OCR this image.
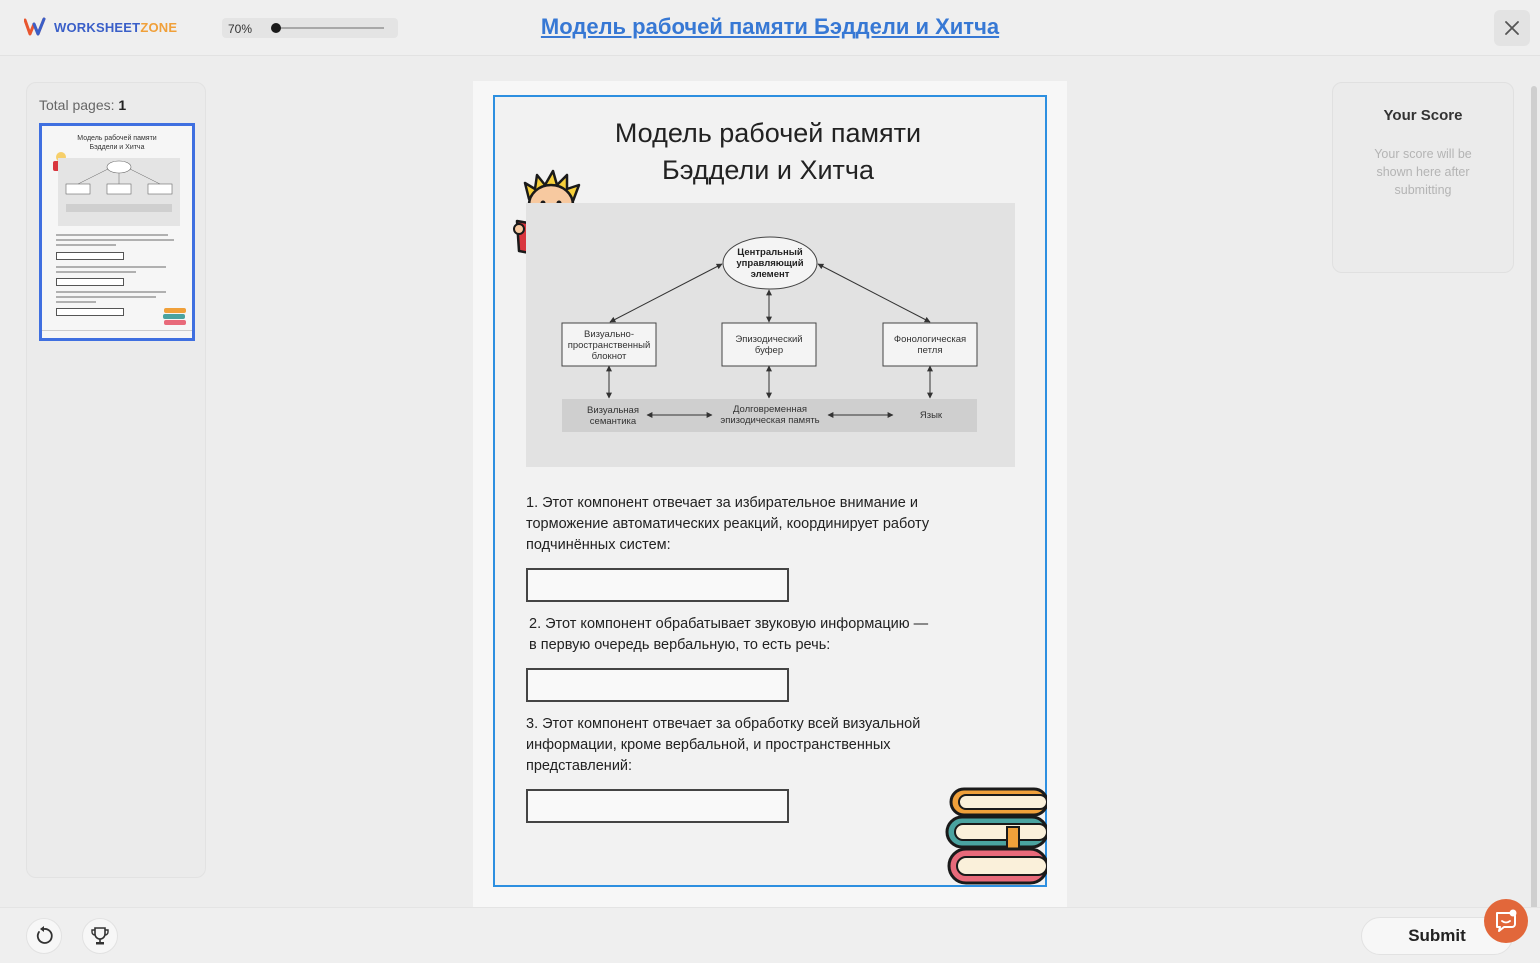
WORKSHEET ZONE	70%	Модель рабочей памяти Бэддели и Хитча
Total pages: 1
Модель рабочей памяти
Бэддели и Хитча	Модель рабочей памяти
Бэддели и Хитча
Центральный
управляющий
элемент
Визуально-
пространственный
блокнот
Эпизодический
буфер
Фонологическая
петля
Визуальная
семантика
Долговременная
эпизодическая память	Язык
1. Этот компонент отвечает за избирательное внимание и
торможение автоматических реакций, координирует работу
подчинённых систем:
2. Этот компонент обрабатывает звуковую информацию —
в первую очередь вербальную, то есть речь:
3. Этот компонент отвечает за обработку всей визуальной
информации, кроме вербальной, и пространственных
представлений:
Your Score
Your score will be shown here after submitting
Submit
